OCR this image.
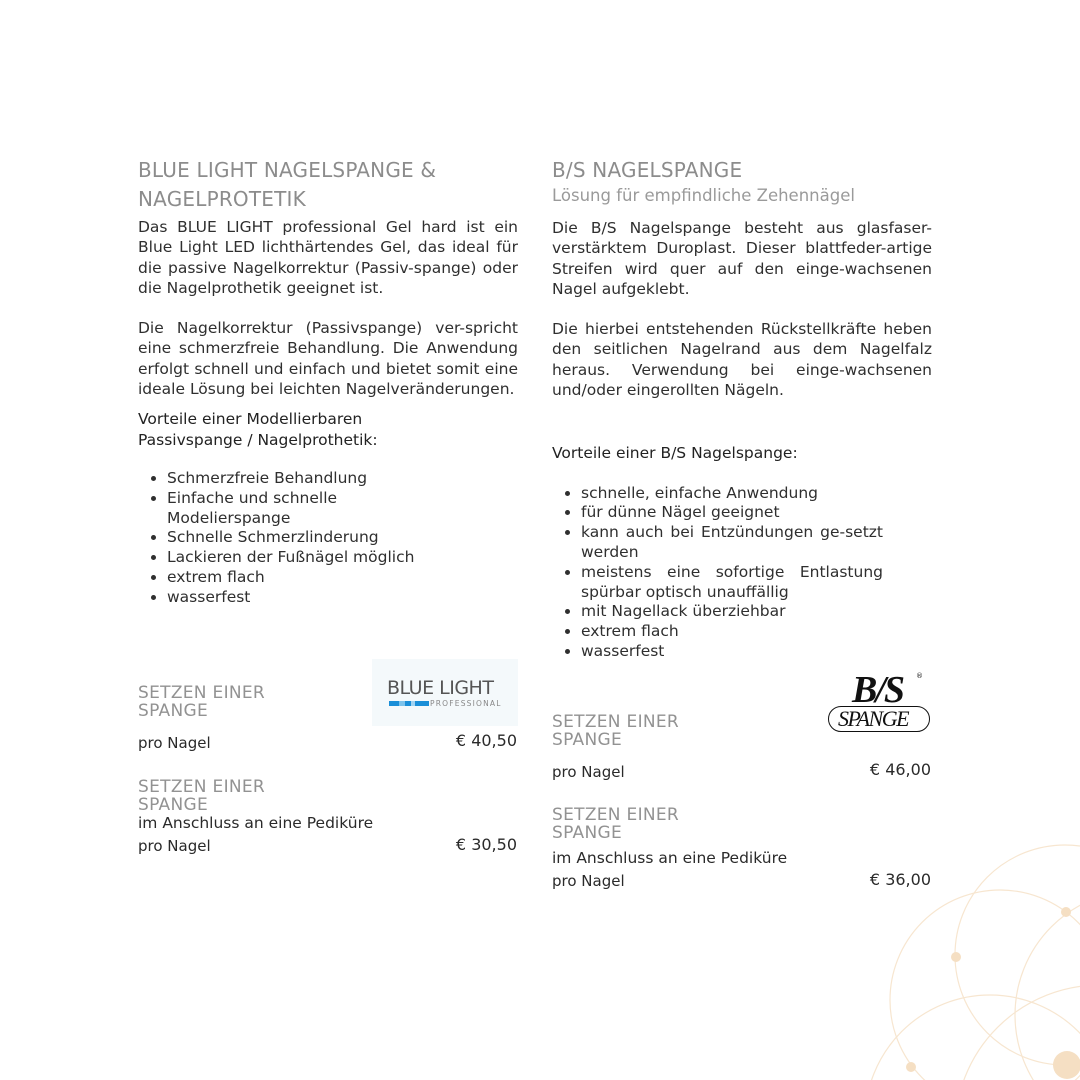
BLUE LIGHT NAGELSPANGE &
NAGELPROTETIK

Das BLUE LIGHT professional Gel hard ist ein Blue Light LED lichthärtendes Gel, das ideal für die passive Nagelkorrektur (Passiv-spange) oder die Nagelprothetik geeignet ist.

Die Nagelkorrektur (Passivspange) ver-spricht eine schmerzfreie Behandlung. Die Anwendung erfolgt schnell und einfach und bietet somit eine ideale Lösung bei leichten Nagelveränderungen.

Vorteile einer Modellierbaren
Passivspange / Nagelprothetik:

• Schmerzfreie Behandlung
• Einfache und schnelle Modelierspange
• Schnelle Schmerzlinderung
• Lackieren der Fußnägel möglich
• extrem flach
• wasserfest
BLUE LIGHT
PROFESSIONAL
SETZEN EINER
SPANGE
pro Nagel	€ 40,50
SETZEN EINER
SPANGE
im Anschluss an eine Pediküre
pro Nagel	€ 30,50
B/S NAGELSPANGE
Lösung für empfindliche Zehennägel

Die B/S Nagelspange besteht aus glasfaser-verstärktem Duroplast. Dieser blattfeder-artige Streifen wird quer auf den einge-wachsenen Nagel aufgeklebt.

Die hierbei entstehenden Rückstellkräfte heben den seitlichen Nagelrand aus dem Nagelfalz heraus. Verwendung bei einge-wachsenen und/oder eingerollten Nägeln.

Vorteile einer B/S Nagelspange:

• schnelle, einfache Anwendung
• für dünne Nägel geeignet
• kann auch bei Entzündungen ge-setzt werden
• meistens eine sofortige Entlastung spürbar optisch unauffällig
• mit Nagellack überziehbar
• extrem flach
• wasserfest
B/S ®
SPANGE
SETZEN EINER
SPANGE
pro Nagel	€ 46,00
SETZEN EINER
SPANGE
im Anschluss an eine Pediküre
pro Nagel	€ 36,00
